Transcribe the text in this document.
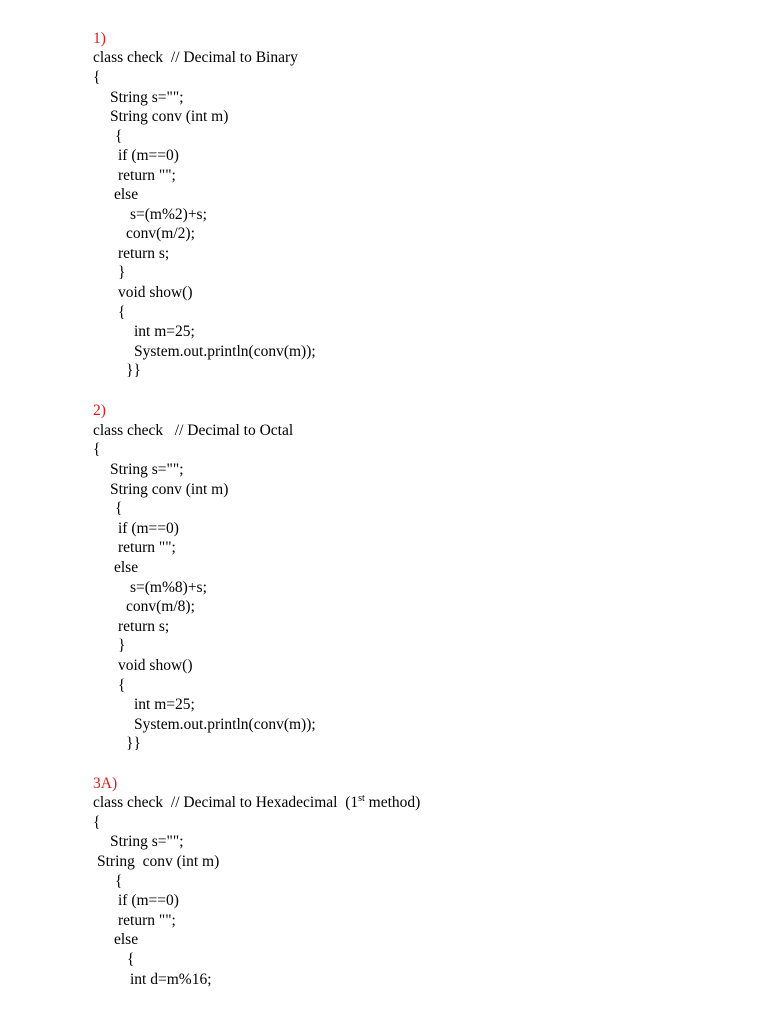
1)
class check  // Decimal to Binary
{
String s="";
String conv (int m)
{
if (m==0)
return "";
else
s=(m%2)+s;
conv(m/2);
return s;
}
void show()
{
int m=25;
System.out.println(conv(m));
}}
2)
class check   // Decimal to Octal
{
String s="";
String conv (int m)
{
if (m==0)
return "";
else
s=(m%8)+s;
conv(m/8);
return s;
}
void show()
{
int m=25;
System.out.println(conv(m));
}}
3A)
class check  // Decimal to Hexadecimal  (1st method)
{
String s="";
String  conv (int m)
{
if (m==0)
return "";
else
{
int d=m%16;
